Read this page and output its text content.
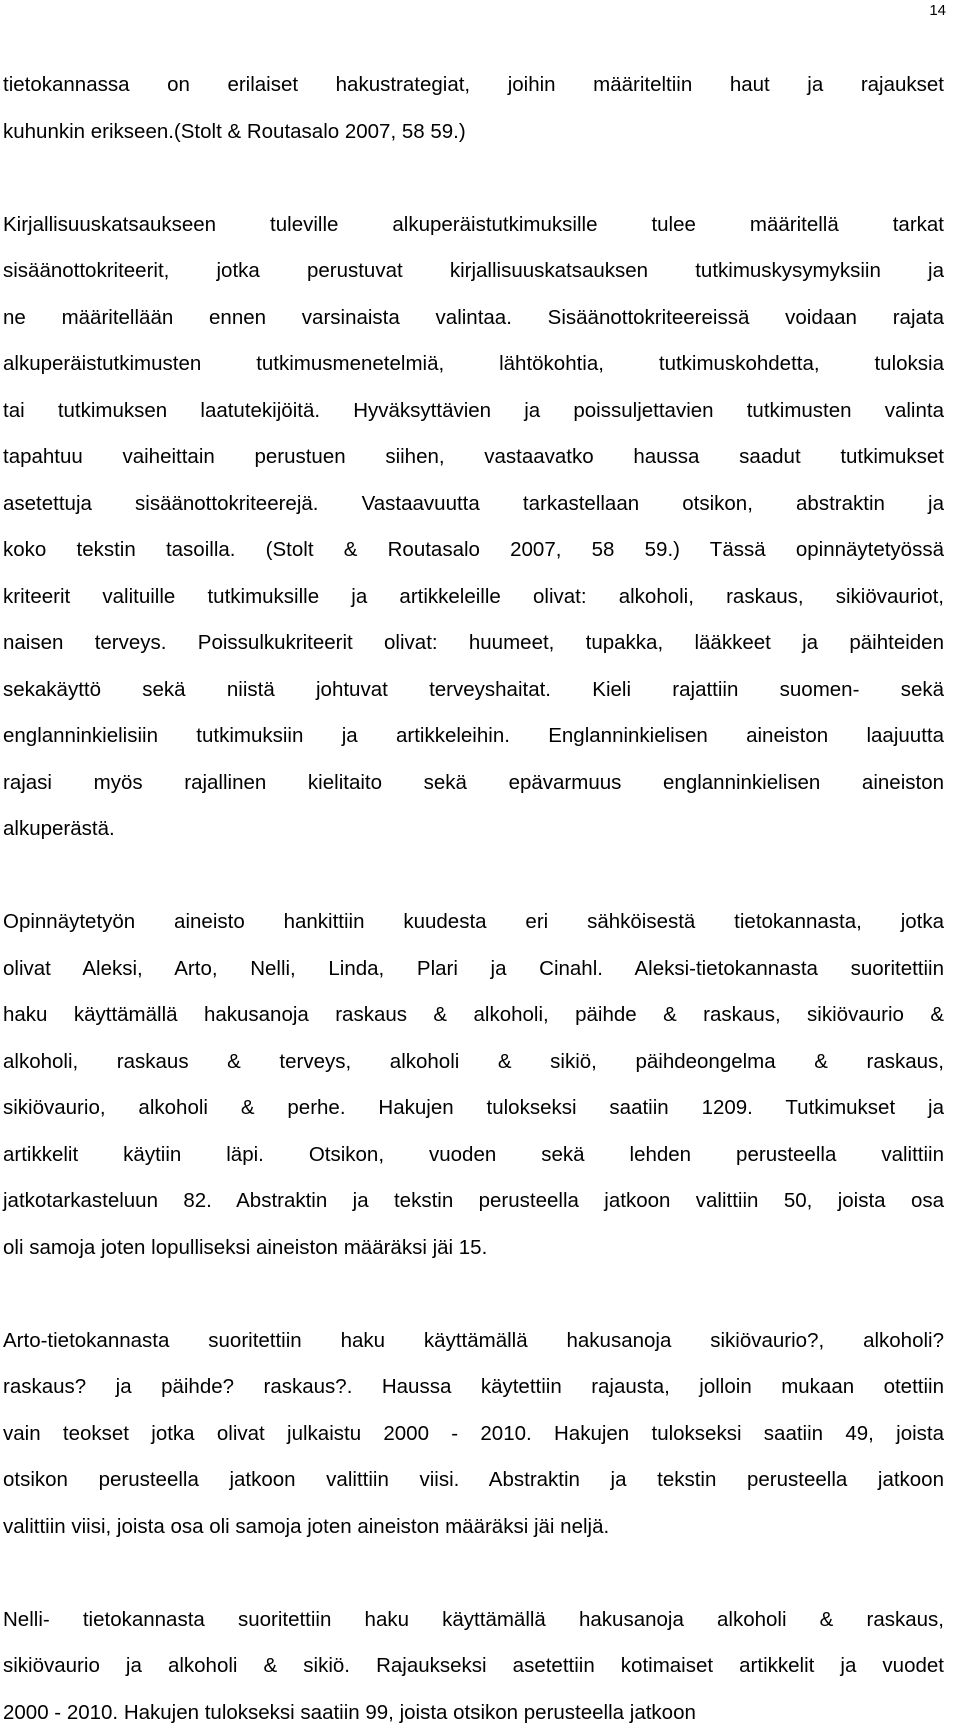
14

tietokannassa on erilaiset hakustrategiat, joihin määriteltiin haut ja rajaukset
kuhunkin erikseen.(Stolt & Routasalo 2007, 58 59.)

Kirjallisuuskatsaukseen tuleville alkuperäistutkimuksille tulee määritellä tarkat
sisäänottokriteerit, jotka perustuvat kirjallisuuskatsauksen tutkimuskysymyksiin ja
ne määritellään ennen varsinaista valintaa. Sisäänottokriteereissä voidaan rajata
alkuperäistutkimusten tutkimusmenetelmiä, lähtökohtia, tutkimuskohdetta, tuloksia
tai tutkimuksen laatutekijöitä. Hyväksyttävien ja poissuljettavien tutkimusten valinta
tapahtuu vaiheittain perustuen siihen, vastaavatko haussa saadut tutkimukset
asetettuja sisäänottokriteerejä. Vastaavuutta tarkastellaan otsikon, abstraktin ja
koko tekstin tasoilla. (Stolt & Routasalo 2007, 58 59.) Tässä opinnäytetyössä
kriteerit valituille tutkimuksille ja artikkeleille olivat: alkoholi, raskaus, sikiövauriot,
naisen terveys. Poissulkukriteerit olivat: huumeet, tupakka, lääkkeet ja päihteiden
sekakäyttö sekä niistä johtuvat terveyshaitat. Kieli rajattiin suomen- sekä
englanninkielisiin tutkimuksiin ja artikkeleihin. Englanninkielisen aineiston laajuutta
rajasi myös rajallinen kielitaito sekä epävarmuus englanninkielisen aineiston
alkuperästä.

Opinnäytetyön aineisto hankittiin kuudesta eri sähköisestä tietokannasta, jotka
olivat Aleksi, Arto, Nelli, Linda, Plari ja Cinahl. Aleksi-tietokannasta suoritettiin
haku käyttämällä hakusanoja raskaus & alkoholi, päihde & raskaus, sikiövaurio &
alkoholi, raskaus & terveys, alkoholi & sikiö, päihdeongelma & raskaus,
sikiövaurio, alkoholi & perhe. Hakujen tulokseksi saatiin 1209. Tutkimukset ja
artikkelit käytiin läpi. Otsikon, vuoden sekä lehden perusteella valittiin
jatkotarkasteluun 82. Abstraktin ja tekstin perusteella jatkoon valittiin 50, joista osa
oli samoja joten lopulliseksi aineiston määräksi jäi 15.

Arto-tietokannasta suoritettiin haku käyttämällä hakusanoja sikiövaurio?, alkoholi?
raskaus? ja päihde? raskaus?. Haussa käytettiin rajausta, jolloin mukaan otettiin
vain teokset jotka olivat julkaistu 2000 - 2010. Hakujen tulokseksi saatiin 49, joista
otsikon perusteella jatkoon valittiin viisi. Abstraktin ja tekstin perusteella jatkoon
valittiin viisi, joista osa oli samoja joten aineiston määräksi jäi neljä.

Nelli- tietokannasta suoritettiin haku käyttämällä hakusanoja alkoholi & raskaus,
sikiövaurio ja alkoholi & sikiö. Rajaukseksi asetettiin kotimaiset artikkelit ja vuodet
2000 - 2010. Hakujen tulokseksi saatiin 99, joista otsikon perusteella jatkoon
